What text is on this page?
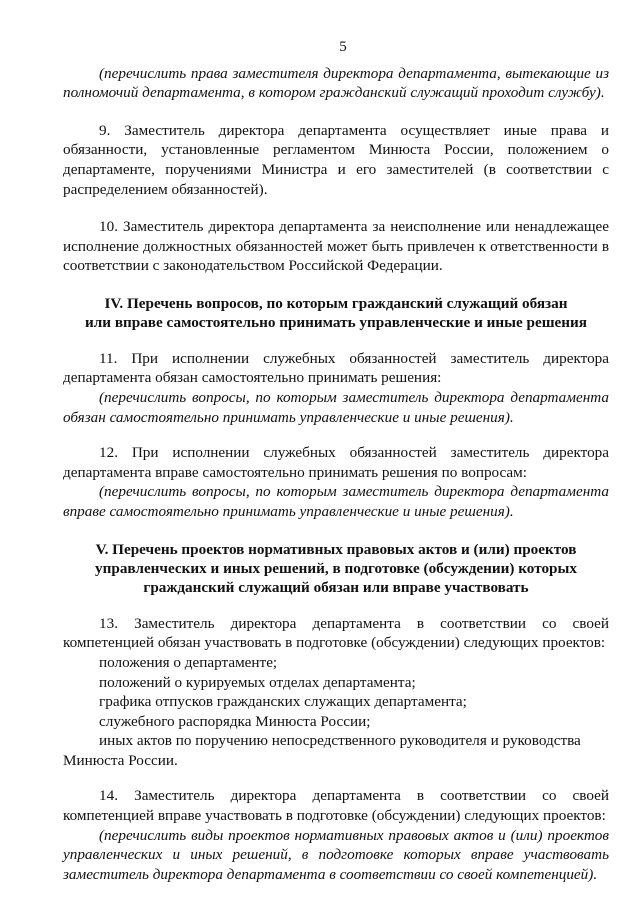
5

(перечислить права заместителя директора департамента, вытекающие из полномочий департамента, в котором гражданский служащий проходит службу).

9. Заместитель директора департамента осуществляет иные права и обязанности, установленные регламентом Минюста России, положением о департаменте, поручениями Министра и его заместителей (в соответствии с распределением обязанностей).

10. Заместитель директора департамента за неисполнение или ненадлежащее исполнение должностных обязанностей может быть привлечен к ответственности в соответствии с законодательством Российской Федерации.

IV. Перечень вопросов, по которым гражданский служащий обязан
или вправе самостоятельно принимать управленческие и иные решения

11. При исполнении служебных обязанностей заместитель директора департамента обязан самостоятельно принимать решения:

(перечислить вопросы, по которым заместитель директора департамента обязан самостоятельно принимать управленческие и иные решения).

12. При исполнении служебных обязанностей заместитель директора департамента вправе самостоятельно принимать решения по вопросам:

(перечислить вопросы, по которым заместитель директора департамента вправе самостоятельно принимать управленческие и иные решения).

V. Перечень проектов нормативных правовых актов и (или) проектов
управленческих и иных решений, в подготовке (обсуждении) которых
гражданский служащий обязан или вправе участвовать

13. Заместитель директора департамента в соответствии со своей компетенцией обязан участвовать в подготовке (обсуждении) следующих проектов:

положения о департаменте;

положений о курируемых отделах департамента;

графика отпусков гражданских служащих департамента;

служебного распорядка Минюста России;

иных актов по поручению непосредственного руководителя и руководства

Минюста России.

14. Заместитель директора департамента в соответствии со своей компетенцией вправе участвовать в подготовке (обсуждении) следующих проектов:

(перечислить виды проектов нормативных правовых актов и (или) проектов управленческих и иных решений, в подготовке которых вправе участвовать заместитель директора департамента в соответствии со своей компетенцией).
